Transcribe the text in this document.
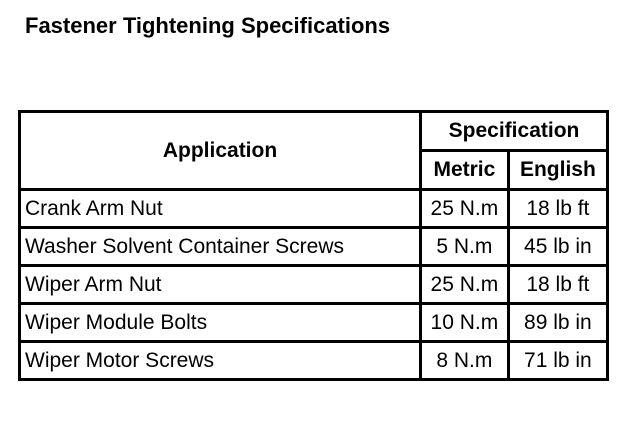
Fastener Tightening Specifications
Application	Specification	
	Metric	English
Crank Arm Nut	25 N.m	18 lb ft
Washer Solvent Container Screws	5 N.m	45 lb in
Wiper Arm Nut	25 N.m	18 lb ft
Wiper Module Bolts	10 N.m	89 lb in
Wiper Motor Screws	8 N.m	71 lb in
